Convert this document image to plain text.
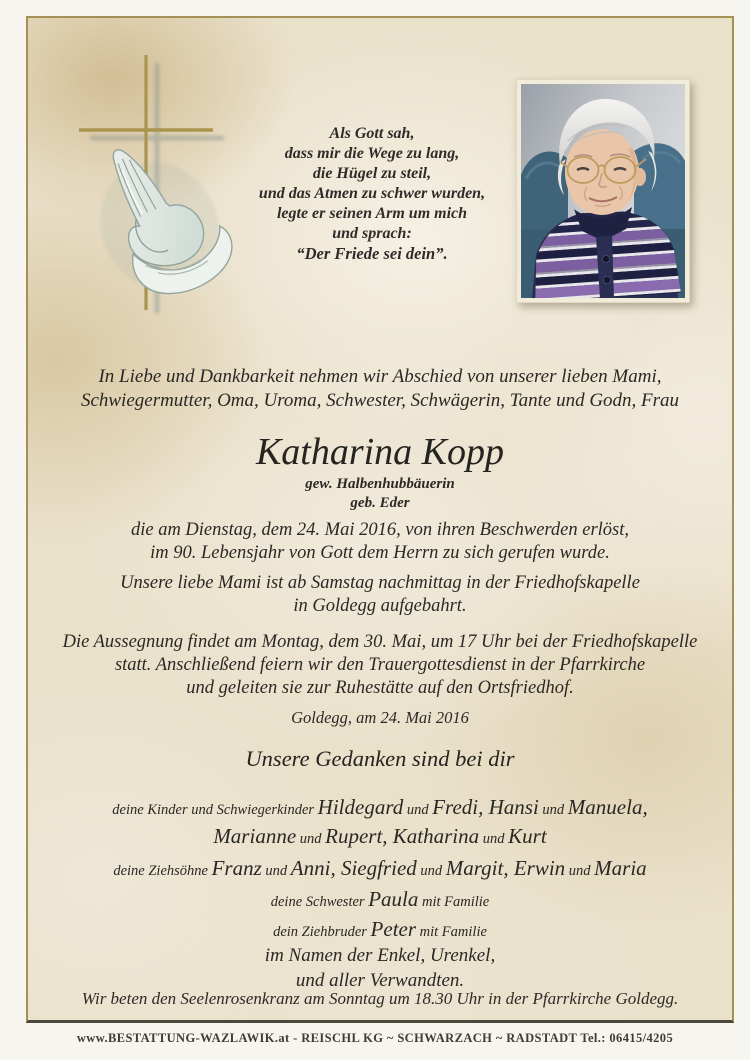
Als Gott sah,
dass mir die Wege zu lang,
die Hügel zu steil,
und das Atmen zu schwer wurden,
legte er seinen Arm um mich
und sprach:
“Der Friede sei dein”.
In Liebe und Dankbarkeit nehmen wir Abschied von unserer lieben Mami,
Schwiegermutter, Oma, Uroma, Schwester, Schwägerin, Tante und Godn, Frau
Katharina Kopp
gew. Halbenhubbäuerin
geb. Eder
die am Dienstag, dem 24. Mai 2016, von ihren Beschwerden erlöst,
im 90. Lebensjahr von Gott dem Herrn zu sich gerufen wurde.
Unsere liebe Mami ist ab Samstag nachmittag in der Friedhofskapelle
in Goldegg aufgebahrt.
Die Aussegnung findet am Montag, dem 30. Mai, um 17 Uhr bei der Friedhofskapelle
statt. Anschließend feiern wir den Trauergottesdienst in der Pfarrkirche
und geleiten sie zur Ruhestätte auf den Ortsfriedhof.
Goldegg, am 24. Mai 2016
Unsere Gedanken sind bei dir
deine Kinder und Schwiegerkinder Hildegard und Fredi, Hansi und Manuela,
Marianne und Rupert, Katharina und Kurt
deine Ziehsöhne Franz und Anni, Siegfried und Margit, Erwin und Maria
deine Schwester Paula mit Familie
dein Ziehbruder Peter mit Familie
im Namen der Enkel, Urenkel,
und aller Verwandten.
Wir beten den Seelenrosenkranz am Sonntag um 18.30 Uhr in der Pfarrkirche Goldegg.
www.BESTATTUNG-WAZLAWIK.at - REISCHL KG ~ SCHWARZACH ~ RADSTADT Tel.: 06415/4205
